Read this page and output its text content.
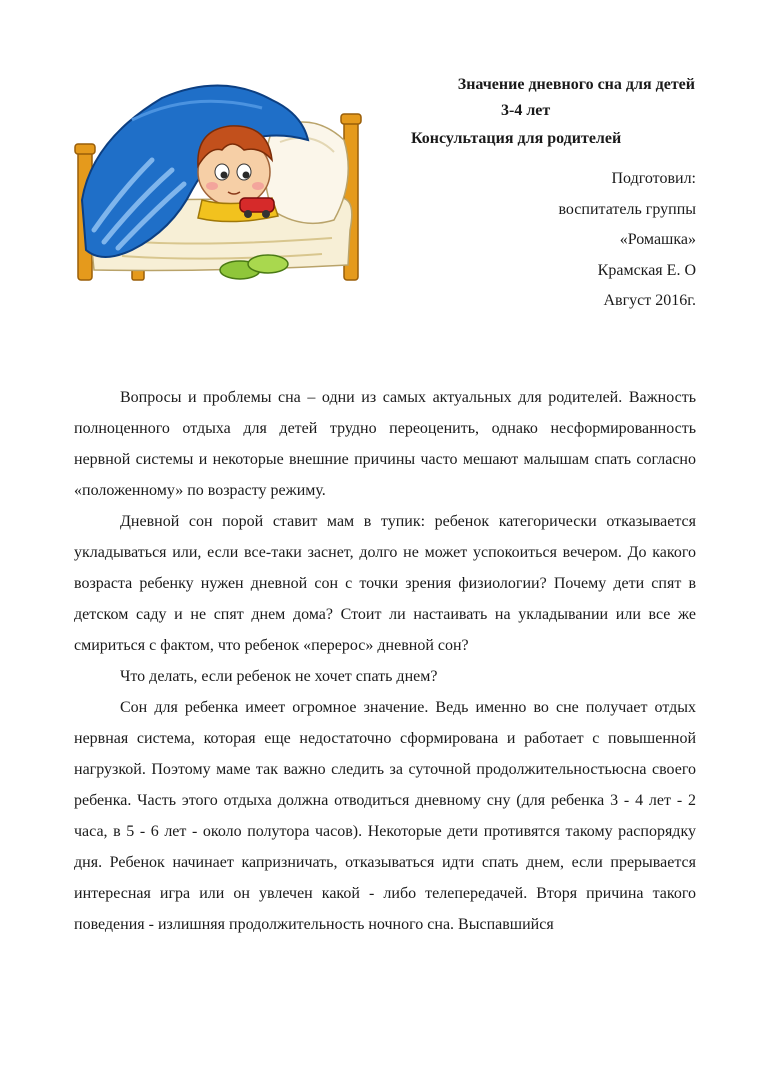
Значение дневного сна для детей
3-4 лет
Консультация для родителей
Подготовил:
воспитатель группы
«Ромашка»
Крамская Е. О
Август 2016г.

Вопросы и проблемы сна – одни из самых актуальных для родителей. Важность полноценного отдыха для детей трудно переоценить, однако несформированность нервной системы и некоторые внешние причины часто мешают малышам спать согласно «положенному» по возрасту режиму.

Дневной сон порой ставит мам в тупик: ребенок категорически отказывается укладываться или, если все-таки заснет, долго не может успокоиться вечером. До какого возраста ребенку нужен дневной сон с точки зрения физиологии? Почему дети спят в детском саду и не спят днем дома? Стоит ли настаивать на укладывании или все же смириться с фактом, что ребенок «перерос» дневной сон?

Что делать, если ребенок не хочет спать днем?

Сон для ребенка имеет огромное значение. Ведь именно во сне получает отдых нервная система, которая еще недостаточно сформирована и работает с повышенной нагрузкой. Поэтому маме так важно следить за суточной продолжительностьюсна своего ребенка. Часть этого отдыха должна отводиться дневному сну (для ребенка 3 - 4 лет - 2 часа, в 5 - 6 лет - около полутора часов). Некоторые дети противятся такому распорядку дня. Ребенок начинает капризничать, отказываться идти спать днем, если прерывается интересная игра или он увлечен какой - либо телепередачей. Вторя причина такого поведения - излишняя продолжительность ночного сна. Выспавшийся
